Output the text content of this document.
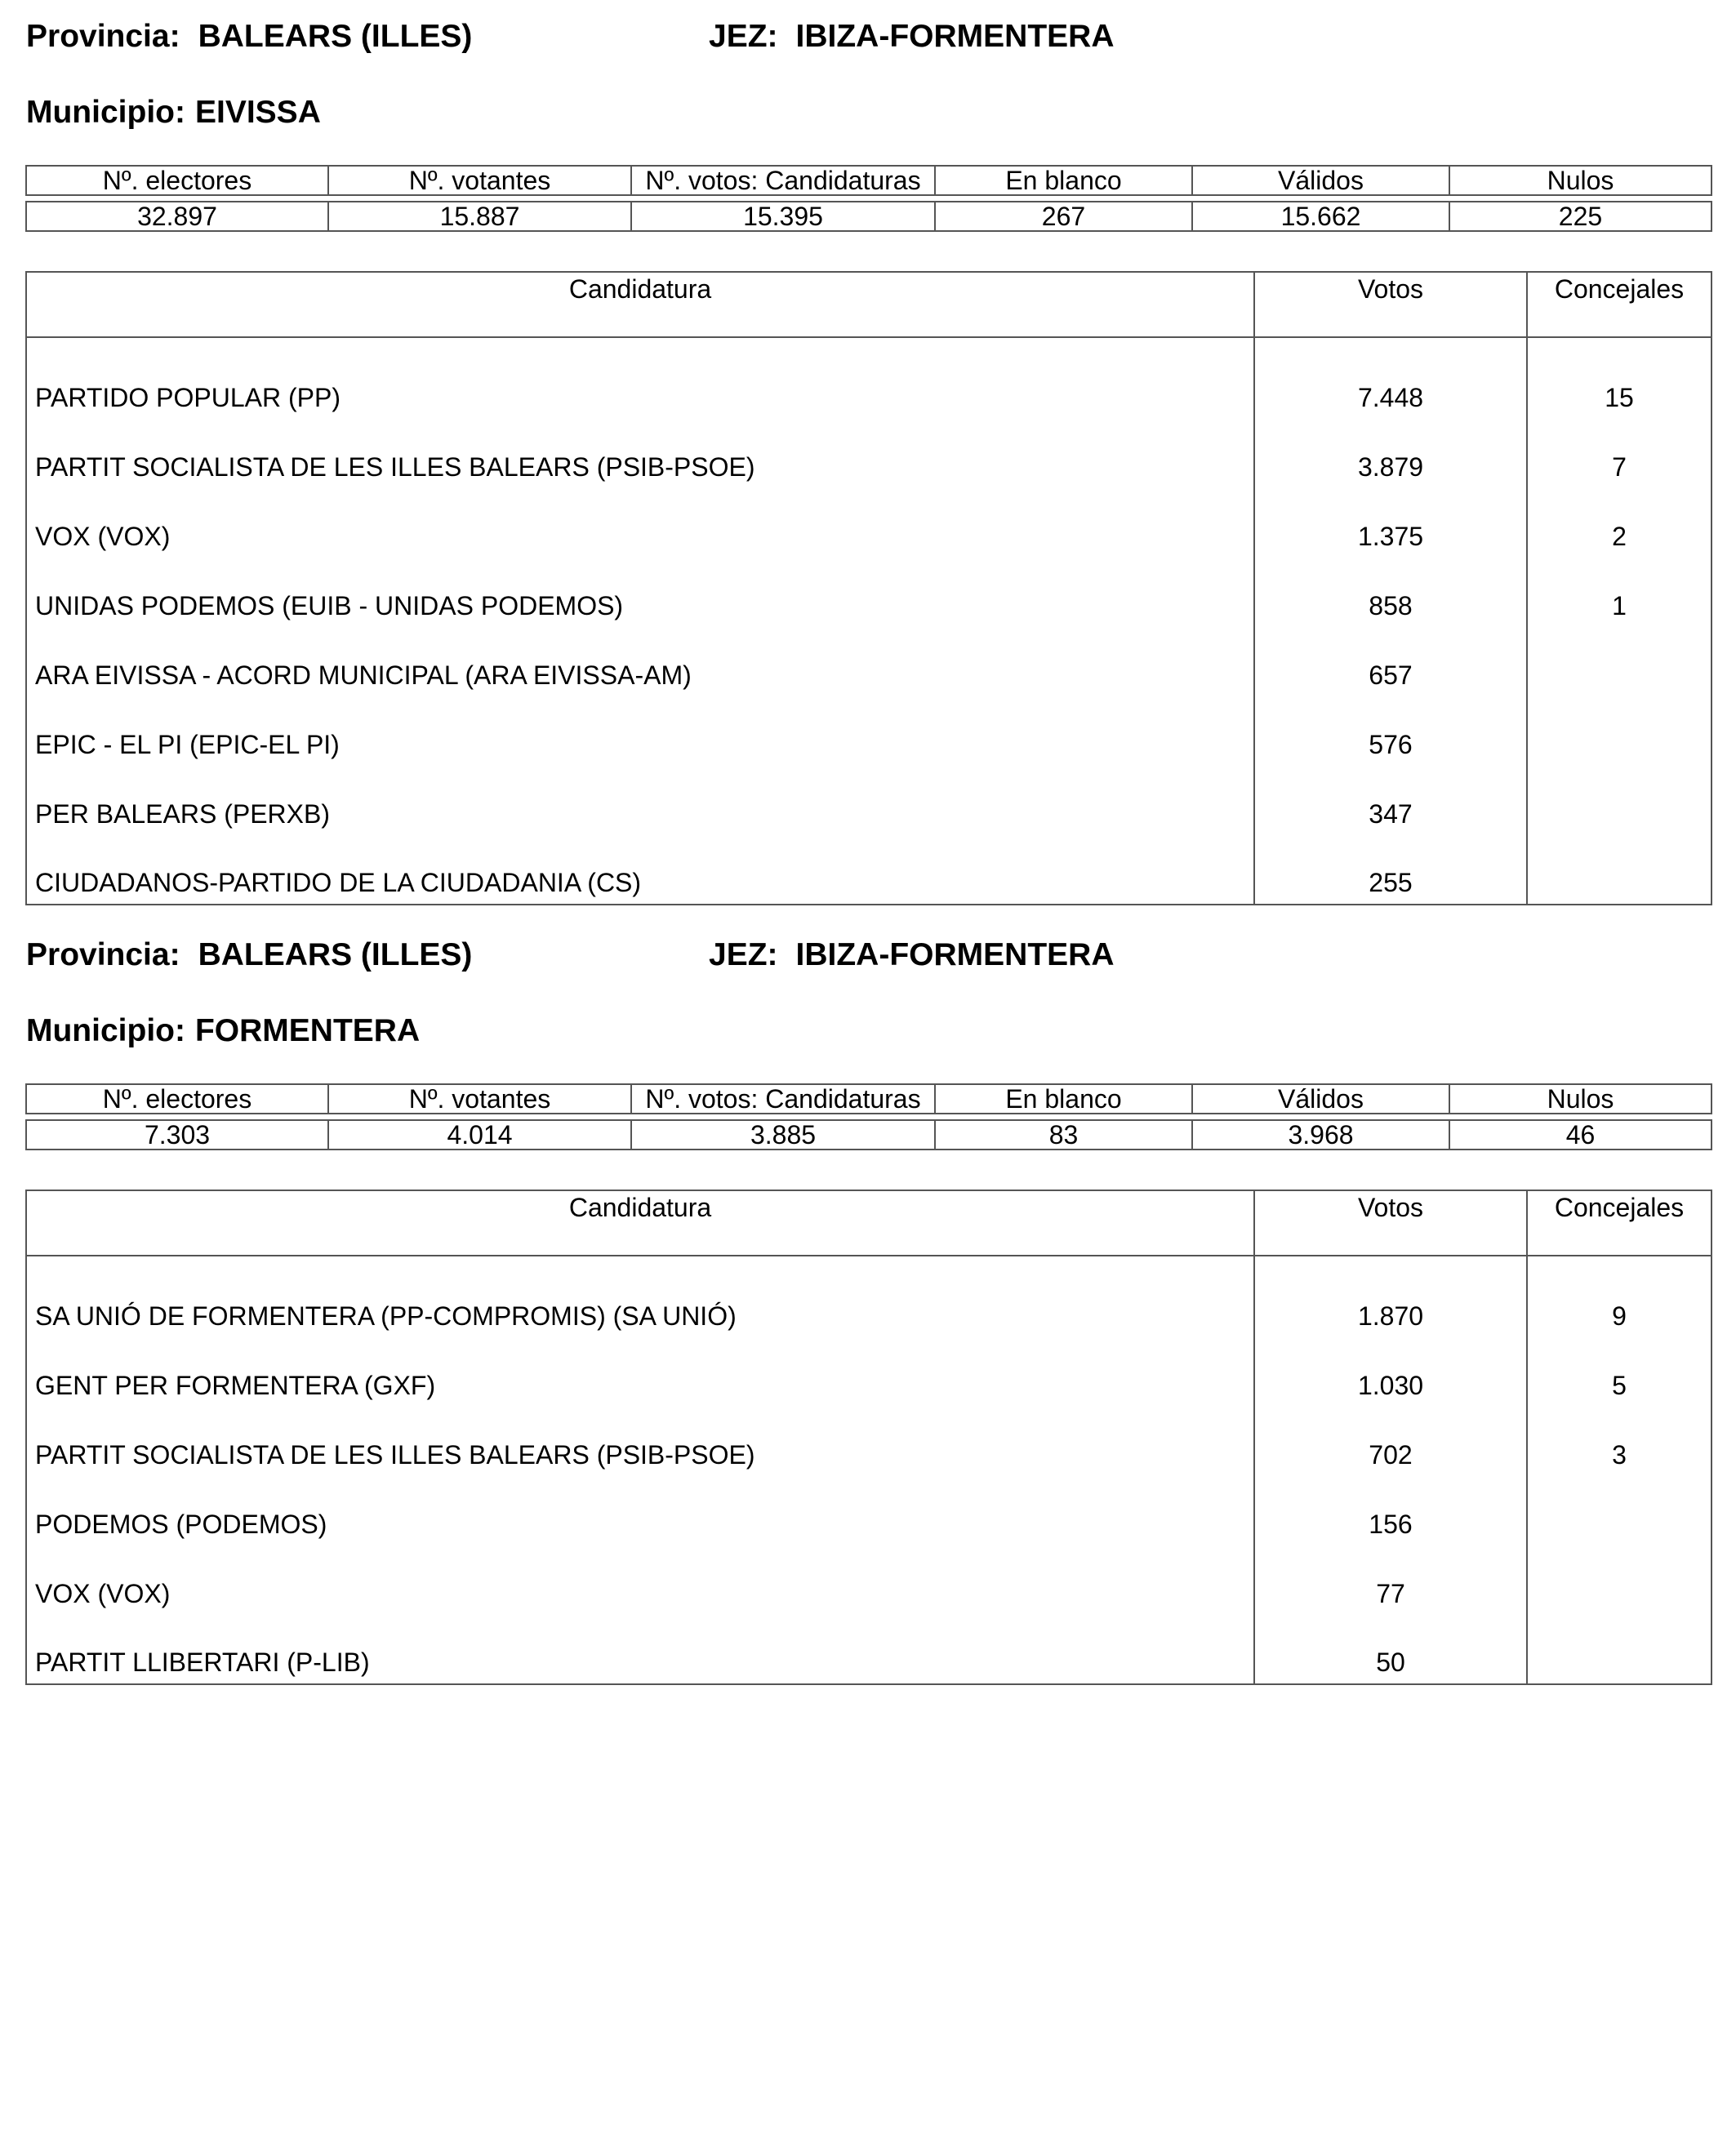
Provincia: BALEARS (ILLES)	JEZ: IBIZA-FORMENTERA
Municipio: EIVISSA
Nº. electores	Nº. votantes	Nº. votos: Candidaturas	En blanco	Válidos	Nulos

32.897	15.887	15.395	267	15.662	225
Candidatura	Votos	Concejales
PARTIDO POPULAR (PP)	7.448	15
PARTIT SOCIALISTA DE LES ILLES BALEARS (PSIB-PSOE)	3.879	7
VOX (VOX)	1.375	2
UNIDAS PODEMOS (EUIB - UNIDAS PODEMOS)	858	1
ARA EIVISSA - ACORD MUNICIPAL (ARA EIVISSA-AM)	657	
EPIC - EL PI (EPIC-EL PI)	576	
PER BALEARS (PERXB)	347	
CIUDADANOS-PARTIDO DE LA CIUDADANIA (CS)	255	
Provincia: BALEARS (ILLES)	JEZ: IBIZA-FORMENTERA
Municipio: FORMENTERA
Nº. electores	Nº. votantes	Nº. votos: Candidaturas	En blanco	Válidos	Nulos

7.303	4.014	3.885	83	3.968	46
Candidatura	Votos	Concejales
SA UNIÓ DE FORMENTERA (PP-COMPROMIS) (SA UNIÓ)	1.870	9
GENT PER FORMENTERA (GXF)	1.030	5
PARTIT SOCIALISTA DE LES ILLES BALEARS (PSIB-PSOE)	702	3
PODEMOS (PODEMOS)	156	
VOX (VOX)	77	
PARTIT LLIBERTARI (P-LIB)	50	
